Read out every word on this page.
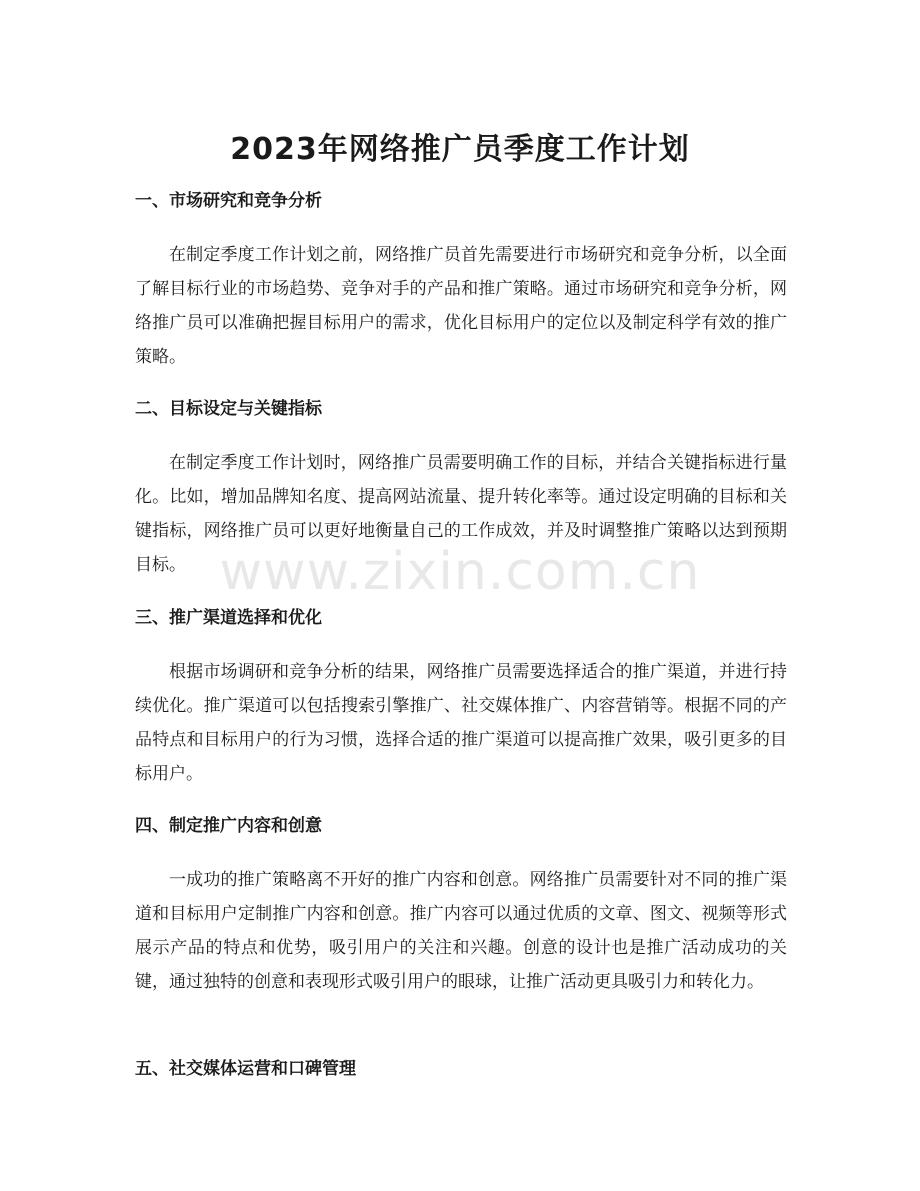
www.zixin.com.cn
2023年网络推广员季度工作计划
一、市场研究和竞争分析

在制定季度工作计划之前，网络推广员首先需要进行市场研究和竞争分析，以全面了解目标行业的市场趋势、竞争对手的产品和推广策略。通过市场研究和竞争分析，网络推广员可以准确把握目标用户的需求，优化目标用户的定位以及制定科学有效的推广策略。

二、目标设定与关键指标

在制定季度工作计划时，网络推广员需要明确工作的目标，并结合关键指标进行量化。比如，增加品牌知名度、提高网站流量、提升转化率等。通过设定明确的目标和关键指标，网络推广员可以更好地衡量自己的工作成效，并及时调整推广策略以达到预期目标。

三、推广渠道选择和优化

根据市场调研和竞争分析的结果，网络推广员需要选择适合的推广渠道，并进行持续优化。推广渠道可以包括搜索引擎推广、社交媒体推广、内容营销等。根据不同的产品特点和目标用户的行为习惯，选择合适的推广渠道可以提高推广效果，吸引更多的目标用户。

四、制定推广内容和创意

一成功的推广策略离不开好的推广内容和创意。网络推广员需要针对不同的推广渠道和目标用户定制推广内容和创意。推广内容可以通过优质的文章、图文、视频等形式展示产品的特点和优势，吸引用户的关注和兴趣。创意的设计也是推广活动成功的关键，通过独特的创意和表现形式吸引用户的眼球，让推广活动更具吸引力和转化力。

五、社交媒体运营和口碑管理
